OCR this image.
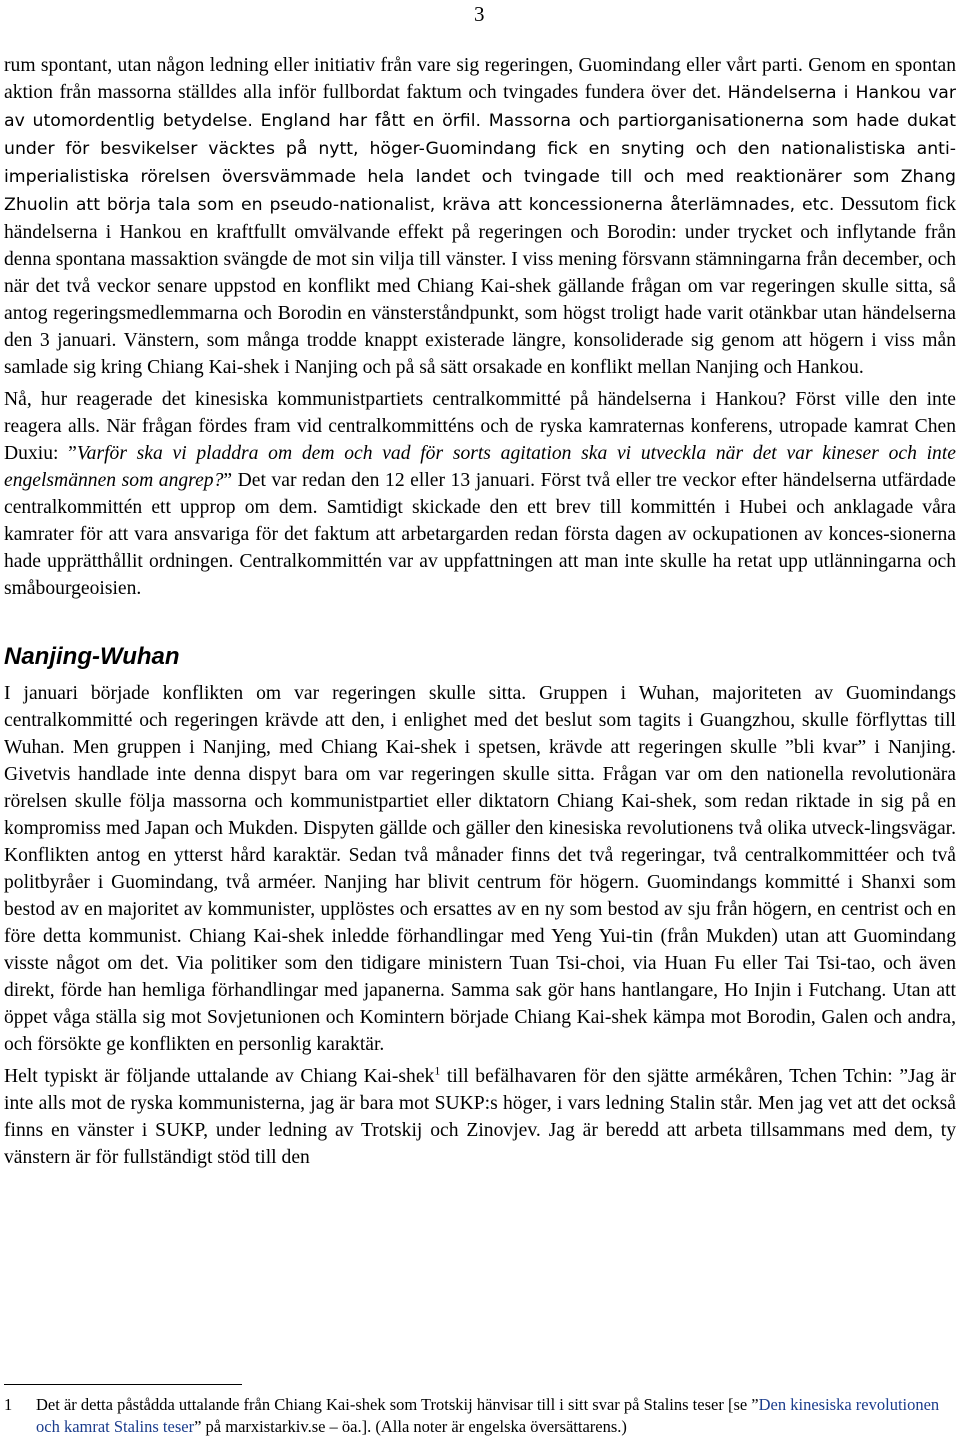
3

rum spontant, utan någon ledning eller initiativ från vare sig regeringen, Guomindang eller vårt parti. Genom en spontan aktion från massorna ställdes alla inför fullbordat faktum och tvingades fundera över det. Händelserna i Hankou var av utomordentlig betydelse. England har fått en örfil. Massorna och partiorganisationerna som hade dukat under för besvikelser väcktes på nytt, höger-Guomindang fick en snyting och den nationalistiska anti-imperialistiska rörelsen översvämmade hela landet och tvingade till och med reaktionärer som Zhang Zhuolin att börja tala som en pseudo-nationalist, kräva att koncessionerna återlämnades, etc. Dessutom fick händelserna i Hankou en kraftfullt omvälvande effekt på regeringen och Borodin: under trycket och inflytande från denna spontana massaktion svängde de mot sin vilja till vänster. I viss mening försvann stämningarna från december, och när det två veckor senare uppstod en konflikt med Chiang Kai-shek gällande frågan om var regeringen skulle sitta, så antog regeringsmedlemmarna och Borodin en vänsterståndpunkt, som högst troligt hade varit otänkbar utan händelserna den 3 januari. Vänstern, som många trodde knappt existerade längre, konsoliderade sig genom att högern i viss mån samlade sig kring Chiang Kai-shek i Nanjing och på så sätt orsakade en konflikt mellan Nanjing och Hankou.

Nå, hur reagerade det kinesiska kommunistpartiets centralkommitté på händelserna i Hankou? Först ville den inte reagera alls. När frågan fördes fram vid centralkommitténs och de ryska kamraternas konferens, utropade kamrat Chen Duxiu: ”Varför ska vi pladdra om dem och vad för sorts agitation ska vi utveckla när det var kineser och inte engelsmännen som angrep?” Det var redan den 12 eller 13 januari. Först två eller tre veckor efter händelserna utfärdade centralkommittén ett upprop om dem. Samtidigt skickade den ett brev till kommittén i Hubei och anklagade våra kamrater för att vara ansvariga för det faktum att arbetargarden redan första dagen av ockupationen av konces-sionerna hade upprätthållit ordningen. Centralkommittén var av uppfattningen att man inte skulle ha retat upp utlänningarna och småbourgeoisien.

Nanjing-Wuhan

I januari började konflikten om var regeringen skulle sitta. Gruppen i Wuhan, majoriteten av Guomindangs centralkommitté och regeringen krävde att den, i enlighet med det beslut som tagits i Guangzhou, skulle förflyttas till Wuhan. Men gruppen i Nanjing, med Chiang Kai-shek i spetsen, krävde att regeringen skulle ”bli kvar” i Nanjing. Givetvis handlade inte denna dispyt bara om var regeringen skulle sitta. Frågan var om den nationella revolutionära rörelsen skulle följa massorna och kommunistpartiet eller diktatorn Chiang Kai-shek, som redan riktade in sig på en kompromiss med Japan och Mukden. Dispyten gällde och gäller den kinesiska revolutionens två olika utveck-lingsvägar. Konflikten antog en ytterst hård karaktär. Sedan två månader finns det två regeringar, två centralkommittéer och två politbyråer i Guomindang, två arméer. Nanjing har blivit centrum för högern. Guomindangs kommitté i Shanxi som bestod av en majoritet av kommunister, upplöstes och ersattes av en ny som bestod av sju från högern, en centrist och en före detta kommunist. Chiang Kai-shek inledde förhandlingar med Yeng Yui-tin (från Mukden) utan att Guomindang visste något om det. Via politiker som den tidigare ministern Tuan Tsi-choi, via Huan Fu eller Tai Tsi-tao, och även direkt, förde han hemliga förhandlingar med japanerna. Samma sak gör hans hantlangare, Ho Injin i Futchang. Utan att öppet våga ställa sig mot Sovjetunionen och Komintern började Chiang Kai-shek kämpa mot Borodin, Galen och andra, och försökte ge konflikten en personlig karaktär.

Helt typiskt är följande uttalande av Chiang Kai-shek$^1$ till befälhavaren för den sjätte armékåren, Tchen Tchin: ”Jag är inte alls mot de ryska kommunisterna, jag är bara mot SUKP:s höger, i vars ledning Stalin står. Men jag vet att det också finns en vänster i SUKP, under ledning av Trotskij och Zinovjev. Jag är beredd att arbeta tillsammans med dem, ty vänstern är för fullständigt stöd till den

1	Det är detta påstådda uttalande från Chiang Kai-shek som Trotskij hänvisar till i sitt svar på Stalins teser [se ”Den kinesiska revolutionen och kamrat Stalins teser” på marxistarkiv.se – öa.]. (Alla noter är engelska översättarens.)
